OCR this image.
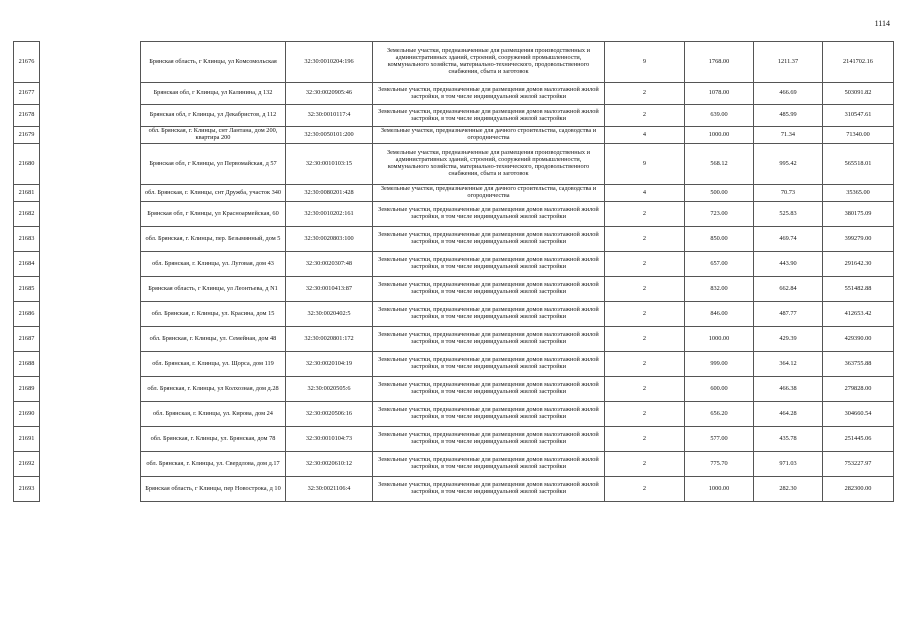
1114
21676		Брянская область, г Клинцы, ул Комсомольская	32:30:0010204:196	Земельные участки, предназначенные для размещения производственных и административных зданий, строений, сооружений промышленности, коммунального хозяйства, материально-технического, продовольственного снабжения, сбыта и заготовок	9	1768.00	1211.37	2141702.16
21677		Брянская обл, г Клинцы, ул Калинина, д 132	32:30:0020905:46	Земельные участки, предназначенные для размещения домов малоэтажной жилой застройки, в том числе индивидуальной жилой застройки	2	1078.00	466.69	503091.82
21678		Брянская обл, г Клинцы, ул Декабристов, д 112	32:30:0010117:4	Земельные участки, предназначенные для размещения домов малоэтажной жилой застройки, в том числе индивидуальной жилой застройки	2	639.00	485.99	310547.61
21679		обл. Брянская, г. Клинцы, снт Лантана, дом 200, квартира 200	32:30:0050101:200	Земельные участки, предназначенные для дачного строительства, садоводства и огородничества	4	1000.00	71.34	71340.00
21680		Брянская обл, г Клинцы, ул Первомайская, д 57	32:30:0010103:15	Земельные участки, предназначенные для размещения производственных и административных зданий, строений, сооружений промышленности, коммунального хозяйства, материально-технического, продовольственного снабжения, сбыта и заготовок	9	568.12	995.42	565518.01
21681		обл. Брянская, г. Клинцы, снт Дружба, участок 340	32:30:0080201:428	Земельные участки, предназначенные для дачного строительства, садоводства и огородничества	4	500.00	70.73	35365.00
21682		Брянская обл, г Клинцы, ул Красноармейская, 60	32:30:0010202:161	Земельные участки, предназначенные для размещения домов малоэтажной жилой застройки, в том числе индивидуальной жилой застройки	2	723.00	525.83	380175.09
21683		обл. Брянская, г. Клинцы, пер. Безымянный, дом 5	32:30:0020803:100	Земельные участки, предназначенные для размещения домов малоэтажной жилой застройки, в том числе индивидуальной жилой застройки	2	850.00	469.74	399279.00
21684		обл. Брянская, г. Клинцы, ул. Луговая, дом 43	32:30:0020307:48	Земельные участки, предназначенные для размещения домов малоэтажной жилой застройки, в том числе индивидуальной жилой застройки	2	657.00	443.90	291642.30
21685		Брянская область, г Клинцы, ул Леонтьева, д N1	32:30:0010413:87	Земельные участки, предназначенные для размещения домов малоэтажной жилой застройки, в том числе индивидуальной жилой застройки	2	832.00	662.84	551482.88
21686		обл. Брянская, г. Клинцы, ул. Красина, дом 15	32:30:0020402:5	Земельные участки, предназначенные для размещения домов малоэтажной жилой застройки, в том числе индивидуальной жилой застройки	2	846.00	487.77	412653.42
21687		обл. Брянская, г. Клинцы, ул. Семейная, дом 48	32:30:0020801:172	Земельные участки, предназначенные для размещения домов малоэтажной жилой застройки, в том числе индивидуальной жилой застройки	2	1000.00	429.39	429390.00
21688		обл. Брянская, г. Клинцы, ул. Щорса, дом 119	32:30:0020104:19	Земельные участки, предназначенные для размещения домов малоэтажной жилой застройки, в том числе индивидуальной жилой застройки	2	999.00	364.12	363755.88
21689		обл. Брянская, г. Клинцы, ул Колхозная, дом д.28	32:30:0020505:6	Земельные участки, предназначенные для размещения домов малоэтажной жилой застройки, в том числе индивидуальной жилой застройки	2	600.00	466.38	279828.00
21690		обл. Брянская, г. Клинцы, ул. Кирова, дом 24	32:30:0020506:16	Земельные участки, предназначенные для размещения домов малоэтажной жилой застройки, в том числе индивидуальной жилой застройки	2	656.20	464.28	304660.54
21691		обл. Брянская, г. Клинцы, ул. Брянская, дом 78	32:30:0010104:73	Земельные участки, предназначенные для размещения домов малоэтажной жилой застройки, в том числе индивидуальной жилой застройки	2	577.00	435.78	251445.06
21692		обл. Брянская, г. Клинцы, ул. Свердлова, дом д.17	32:30:0020610:12	Земельные участки, предназначенные для размещения домов малоэтажной жилой застройки, в том числе индивидуальной жилой застройки	2	775.70	971.03	753227.97
21693		Брянская область, г Клинцы, пер Новострока, д 10	32:30:0021106:4	Земельные участки, предназначенные для размещения домов малоэтажной жилой застройки, в том числе индивидуальной жилой застройки	2	1000.00	282.30	282300.00
